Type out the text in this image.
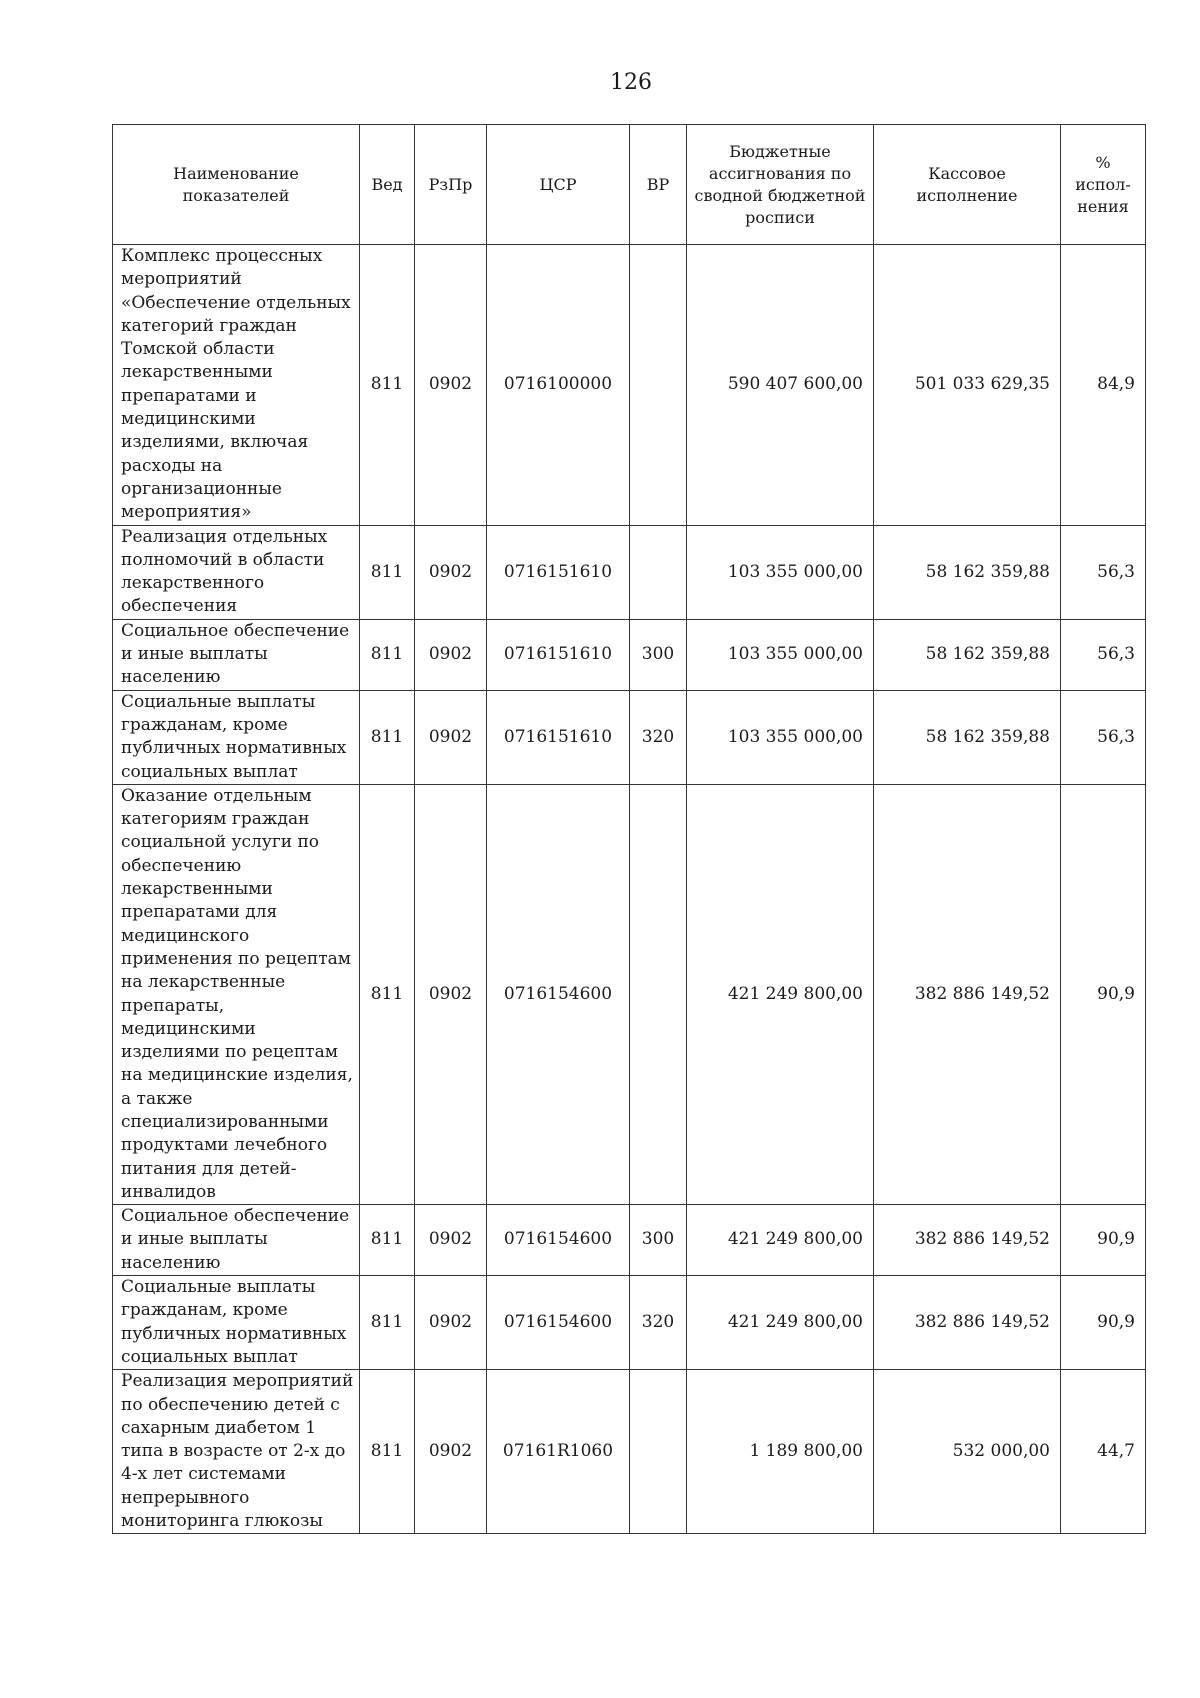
126
Наименование показателей	Вед	РзПр	ЦСР	ВР	Бюджетные ассигнования по сводной бюджетной росписи	Кассовое исполнение	% испол-нения
Комплекс процессных мероприятий «Обеспечение отдельных категорий граждан Томской области лекарственными препаратами и медицинскими изделиями, включая расходы на организационные мероприятия»	811	0902	0716100000		590 407 600,00	501 033 629,35	84,9
Реализация отдельных полномочий в области лекарственного обеспечения	811	0902	0716151610		103 355 000,00	58 162 359,88	56,3
Социальное обеспечение и иные выплаты населению	811	0902	0716151610	300	103 355 000,00	58 162 359,88	56,3
Социальные выплаты гражданам, кроме публичных нормативных социальных выплат	811	0902	0716151610	320	103 355 000,00	58 162 359,88	56,3
Оказание отдельным категориям граждан социальной услуги по обеспечению лекарственными препаратами для медицинского применения по рецептам на лекарственные препараты, медицинскими изделиями по рецептам на медицинские изделия, а также специализированными продуктами лечебного питания для детей-инвалидов	811	0902	0716154600		421 249 800,00	382 886 149,52	90,9
Социальное обеспечение и иные выплаты населению	811	0902	0716154600	300	421 249 800,00	382 886 149,52	90,9
Социальные выплаты гражданам, кроме публичных нормативных социальных выплат	811	0902	0716154600	320	421 249 800,00	382 886 149,52	90,9
Реализация мероприятий по обеспечению детей с сахарным диабетом 1 типа в возрасте от 2-х до 4-х лет системами непрерывного мониторинга глюкозы	811	0902	07161R1060		1 189 800,00	532 000,00	44,7
